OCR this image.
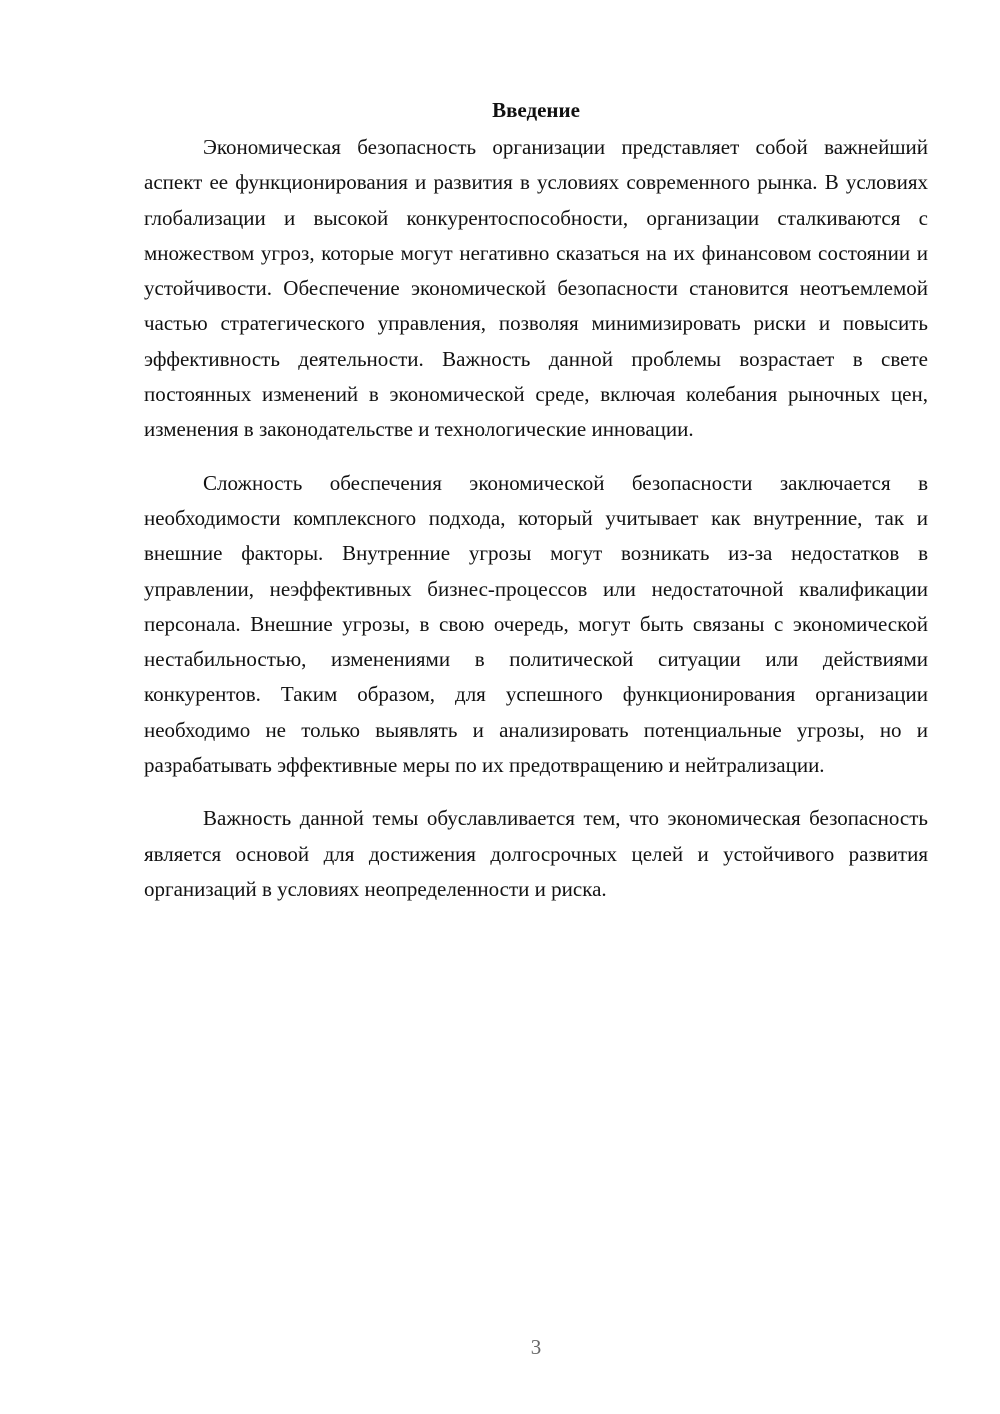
Введение

Экономическая безопасность организации представляет собой важнейший аспект ее функционирования и развития в условиях современного рынка. В условиях глобализации и высокой конкурентоспособности, организации сталкиваются с множеством угроз, которые могут негативно сказаться на их финансовом состоянии и устойчивости. Обеспечение экономической безопасности становится неотъемлемой частью стратегического управления, позволяя минимизировать риски и повысить эффективность деятельности. Важность данной проблемы возрастает в свете постоянных изменений в экономической среде, включая колебания рыночных цен, изменения в законодательстве и технологические инновации.

Сложность обеспечения экономической безопасности заключается в необходимости комплексного подхода, который учитывает как внутренние, так и внешние факторы. Внутренние угрозы могут возникать из-за недостатков в управлении, неэффективных бизнес-процессов или недостаточной квалификации персонала. Внешние угрозы, в свою очередь, могут быть связаны с экономической нестабильностью, изменениями в политической ситуации или действиями конкурентов. Таким образом, для успешного функционирования организации необходимо не только выявлять и анализировать потенциальные угрозы, но и разрабатывать эффективные меры по их предотвращению и нейтрализации.

Важность данной темы обуславливается тем, что экономическая безопасность является основой для достижения долгосрочных целей и устойчивого развития организаций в условиях неопределенности и риска.

3
